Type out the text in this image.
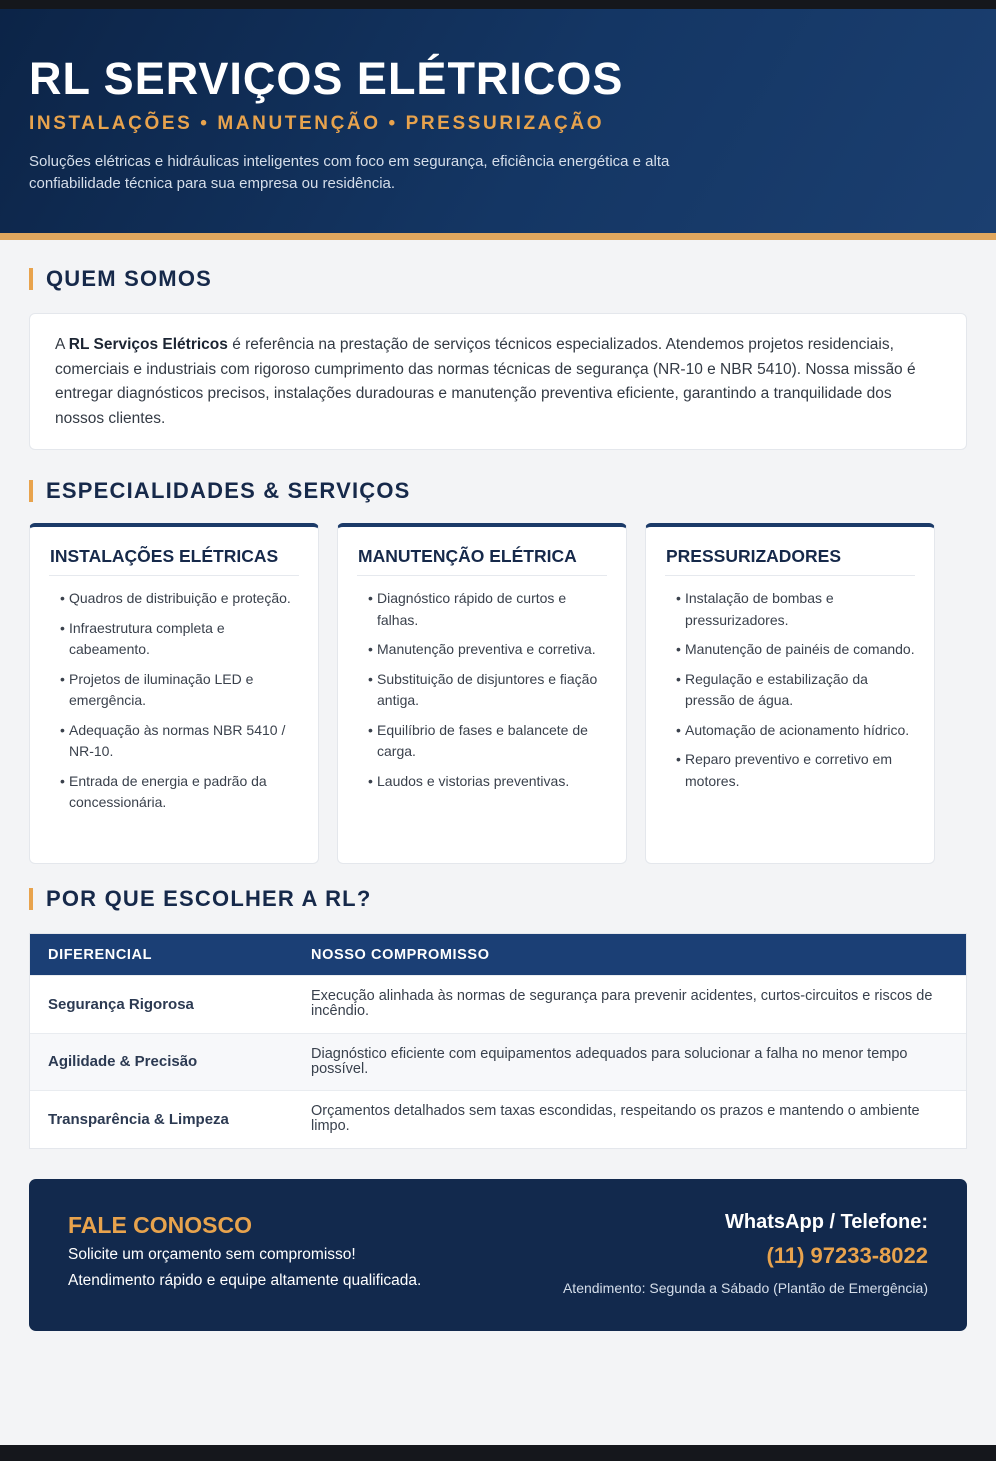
RL SERVIÇOS ELÉTRICOS
INSTALAÇÕES • MANUTENÇÃO • PRESSURIZAÇÃO

Soluções elétricas e hidráulicas inteligentes com foco em segurança, eficiência energética e alta confiabilidade técnica para sua empresa ou residência.

QUEM SOMOS
A RL Serviços Elétricos é referência na prestação de serviços técnicos especializados. Atendemos projetos residenciais, comerciais e industriais com rigoroso cumprimento das normas técnicas de segurança (NR-10 e NBR 5410). Nossa missão é entregar diagnósticos precisos, instalações duradouras e manutenção preventiva eficiente, garantindo a tranquilidade dos nossos clientes.
ESPECIALIDADES & SERVIÇOS
INSTALAÇÕES ELÉTRICAS
• Quadros de distribuição e proteção.
• Infraestrutura completa e cabeamento.
• Projetos de iluminação LED e emergência.
• Adequação às normas NBR 5410 / NR-10.
• Entrada de energia e padrão da concessionária.
MANUTENÇÃO ELÉTRICA
• Diagnóstico rápido de curtos e falhas.
• Manutenção preventiva e corretiva.
• Substituição de disjuntores e fiação antiga.
• Equilíbrio de fases e balancete de carga.
• Laudos e vistorias preventivas.
PRESSURIZADORES
• Instalação de bombas e pressurizadores.
• Manutenção de painéis de comando.
• Regulação e estabilização da pressão de água.
• Automação de acionamento hídrico.
• Reparo preventivo e corretivo em motores.
POR QUE ESCOLHER A RL?
DIFERENCIAL	NOSSO COMPROMISSO
Segurança Rigorosa	Execução alinhada às normas de segurança para prevenir acidentes, curtos-circuitos e riscos de incêndio.
Agilidade & Precisão	Diagnóstico eficiente com equipamentos adequados para solucionar a falha no menor tempo possível.
Transparência & Limpeza	Orçamentos detalhados sem taxas escondidas, respeitando os prazos e mantendo o ambiente limpo.
FALE CONOSCO
Solicite um orçamento sem compromisso!
Atendimento rápido e equipe altamente qualificada.
WhatsApp / Telefone:
(11) 97233-8022
Atendimento: Segunda a Sábado (Plantão de Emergência)
